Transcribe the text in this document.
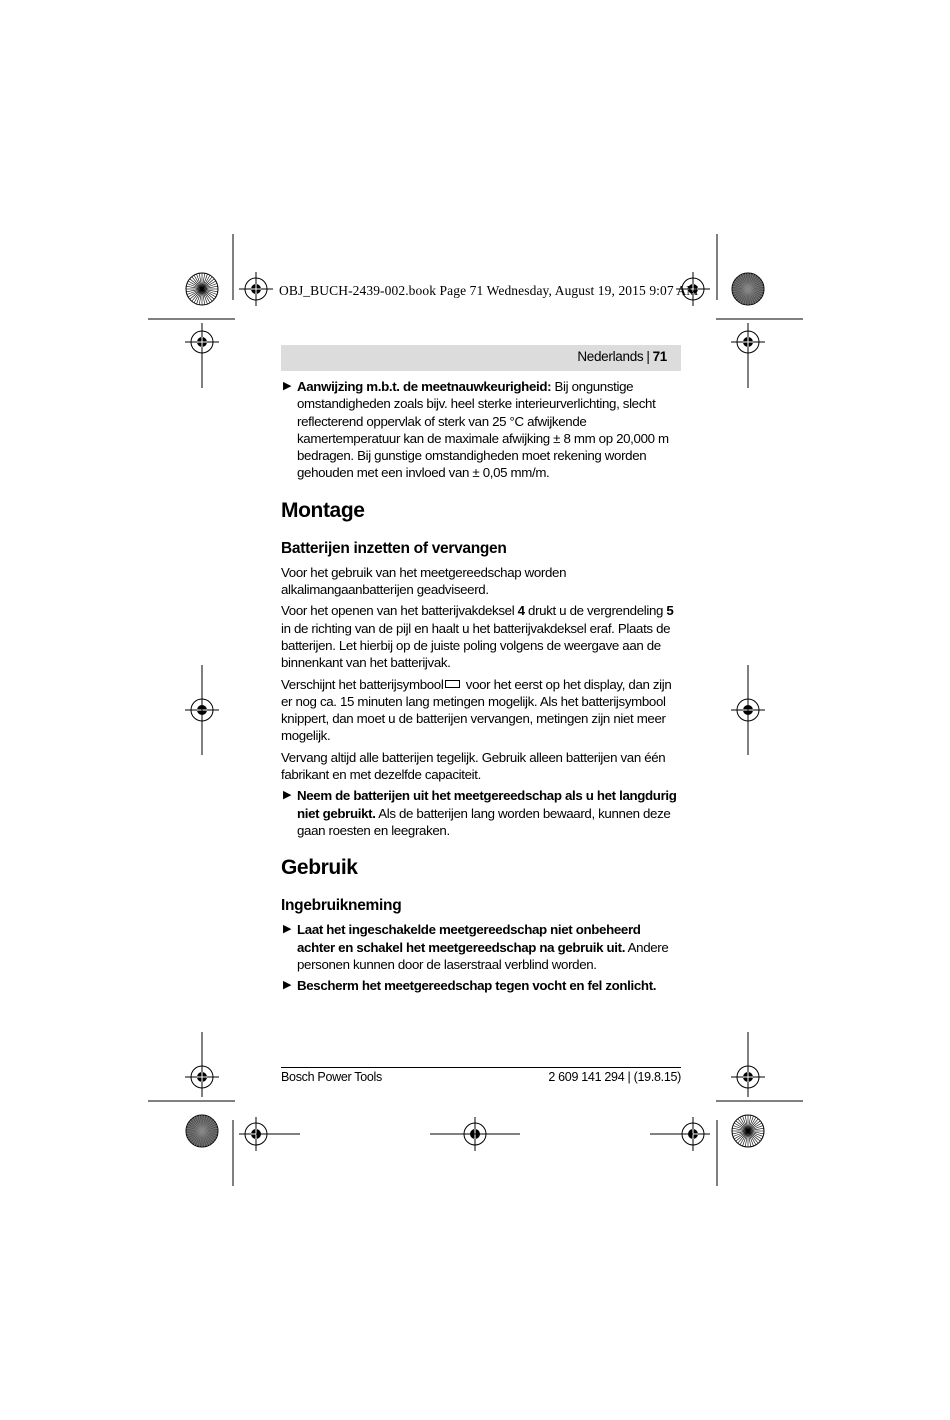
OBJ_BUCH-2439-002.book Page 71 Wednesday, August 19, 2015 9:07 AM
Nederlands | 71
▶ Aanwijzing m.b.t. de meetnauwkeurigheid: Bij ongunstige omstandigheden zoals bijv. heel sterke interieurverlichting, slecht reflecterend oppervlak of sterk van 25 °C afwijkende kamertemperatuur kan de maximale afwijking ± 8 mm op 20,000 m bedragen. Bij gunstige omstandigheden moet rekening worden gehouden met een invloed van ± 0,05 mm/m.
Montage
Batterijen inzetten of vervangen

Voor het gebruik van het meetgereedschap worden alkalimangaanbatterijen geadviseerd.

Voor het openen van het batterijvakdeksel 4 drukt u de vergrendeling 5 in de richting van de pijl en haalt u het batterijvakdeksel eraf. Plaats de batterijen. Let hierbij op de juiste poling volgens de weergave aan de binnenkant van het batterijvak.

Verschijnt het batterijsymbool voor het eerst op het display, dan zijn er nog ca. 15 minuten lang metingen mogelijk. Als het batterijsymbool knippert, dan moet u de batterijen vervangen, metingen zijn niet meer mogelijk.

Vervang altijd alle batterijen tegelijk. Gebruik alleen batterijen van één fabrikant en met dezelfde capaciteit.

▶ Neem de batterijen uit het meetgereedschap als u het langdurig niet gebruikt. Als de batterijen lang worden bewaard, kunnen deze gaan roesten en leegraken.
Gebruik
Ingebruikneming
▶ Laat het ingeschakelde meetgereedschap niet onbeheerd achter en schakel het meetgereedschap na gebruik uit. Andere personen kunnen door de laserstraal verblind worden.
▶ Bescherm het meetgereedschap tegen vocht en fel zonlicht.
Bosch Power Tools	2 609 141 294 | (19.8.15)
